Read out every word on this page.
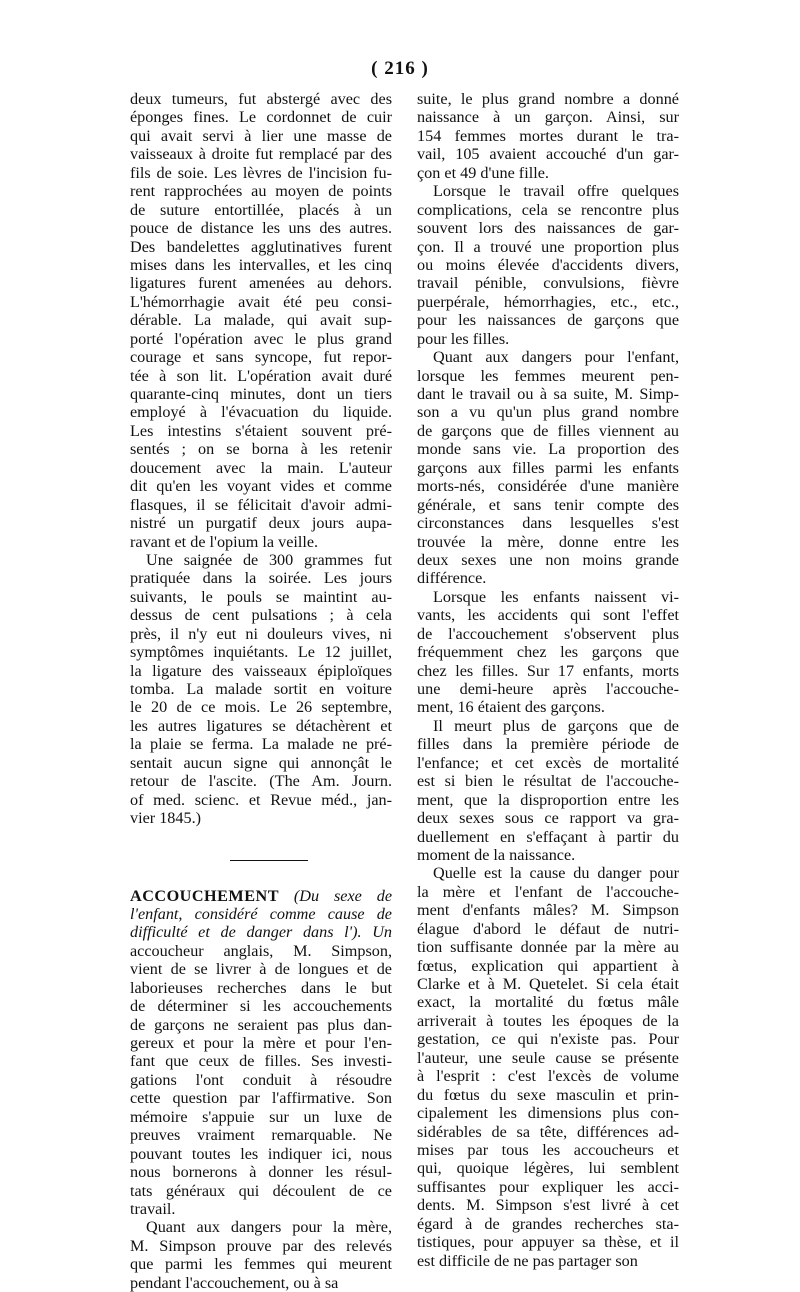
( 216 )
deux tumeurs, fut abstergé avec des
éponges fines. Le cordonnet de cuir
qui avait servi à lier une masse de
vaisseaux à droite fut remplacé par des
fils de soie. Les lèvres de l'incision fu-
rent rapprochées au moyen de points
de suture entortillée, placés à un
pouce de distance les uns des autres.
Des bandelettes agglutinatives furent
mises dans les intervalles, et les cinq
ligatures furent amenées au dehors.
L'hémorrhagie avait été peu consi-
dérable. La malade, qui avait sup-
porté l'opération avec le plus grand
courage et sans syncope, fut repor-
tée à son lit. L'opération avait duré
quarante-cinq minutes, dont un tiers
employé à l'évacuation du liquide.
Les intestins s'étaient souvent pré-
sentés ; on se borna à les retenir
doucement avec la main. L'auteur
dit qu'en les voyant vides et comme
flasques, il se félicitait d'avoir admi-
nistré un purgatif deux jours aupa-
ravant et de l'opium la veille.
Une saignée de 300 grammes fut
pratiquée dans la soirée. Les jours
suivants, le pouls se maintint au-
dessus de cent pulsations ; à cela
près, il n'y eut ni douleurs vives, ni
symptômes inquiétants. Le 12 juillet,
la ligature des vaisseaux épiploïques
tomba. La malade sortit en voiture
le 20 de ce mois. Le 26 septembre,
les autres ligatures se détachèrent et
la plaie se ferma. La malade ne pré-
sentait aucun signe qui annonçât le
retour de l'ascite. (The Am. Journ.
of med. scienc. et Revue méd., jan-
vier 1845.)
ACCOUCHEMENT (Du sexe de
l'enfant, considéré comme cause de
difficulté et de danger dans l'). Un
accoucheur anglais, M. Simpson,
vient de se livrer à de longues et de
laborieuses recherches dans le but
de déterminer si les accouchements
de garçons ne seraient pas plus dan-
gereux et pour la mère et pour l'en-
fant que ceux de filles. Ses investi-
gations l'ont conduit à résoudre
cette question par l'affirmative. Son
mémoire s'appuie sur un luxe de
preuves vraiment remarquable. Ne
pouvant toutes les indiquer ici, nous
nous bornerons à donner les résul-
tats généraux qui découlent de ce
travail.
Quant aux dangers pour la mère,
M. Simpson prouve par des relevés
que parmi les femmes qui meurent
pendant l'accouchement, ou à sa
suite, le plus grand nombre a donné
naissance à un garçon. Ainsi, sur
154 femmes mortes durant le tra-
vail, 105 avaient accouché d'un gar-
çon et 49 d'une fille.
Lorsque le travail offre quelques
complications, cela se rencontre plus
souvent lors des naissances de gar-
çon. Il a trouvé une proportion plus
ou moins élevée d'accidents divers,
travail pénible, convulsions, fièvre
puerpérale, hémorrhagies, etc., etc.,
pour les naissances de garçons que
pour les filles.
Quant aux dangers pour l'enfant,
lorsque les femmes meurent pen-
dant le travail ou à sa suite, M. Simp-
son a vu qu'un plus grand nombre
de garçons que de filles viennent au
monde sans vie. La proportion des
garçons aux filles parmi les enfants
morts-nés, considérée d'une manière
générale, et sans tenir compte des
circonstances dans lesquelles s'est
trouvée la mère, donne entre les
deux sexes une non moins grande
différence.
Lorsque les enfants naissent vi-
vants, les accidents qui sont l'effet
de l'accouchement s'observent plus
fréquemment chez les garçons que
chez les filles. Sur 17 enfants, morts
une demi-heure après l'accouche-
ment, 16 étaient des garçons.
Il meurt plus de garçons que de
filles dans la première période de
l'enfance; et cet excès de mortalité
est si bien le résultat de l'accouche-
ment, que la disproportion entre les
deux sexes sous ce rapport va gra-
duellement en s'effaçant à partir du
moment de la naissance.
Quelle est la cause du danger pour
la mère et l'enfant de l'accouche-
ment d'enfants mâles? M. Simpson
élague d'abord le défaut de nutri-
tion suffisante donnée par la mère au
fœtus, explication qui appartient à
Clarke et à M. Quetelet. Si cela était
exact, la mortalité du fœtus mâle
arriverait à toutes les époques de la
gestation, ce qui n'existe pas. Pour
l'auteur, une seule cause se présente
à l'esprit : c'est l'excès de volume
du fœtus du sexe masculin et prin-
cipalement les dimensions plus con-
sidérables de sa tête, différences ad-
mises par tous les accoucheurs et
qui, quoique légères, lui semblent
suffisantes pour expliquer les acci-
dents. M. Simpson s'est livré à cet
égard à de grandes recherches sta-
tistiques, pour appuyer sa thèse, et il
est difficile de ne pas partager son
